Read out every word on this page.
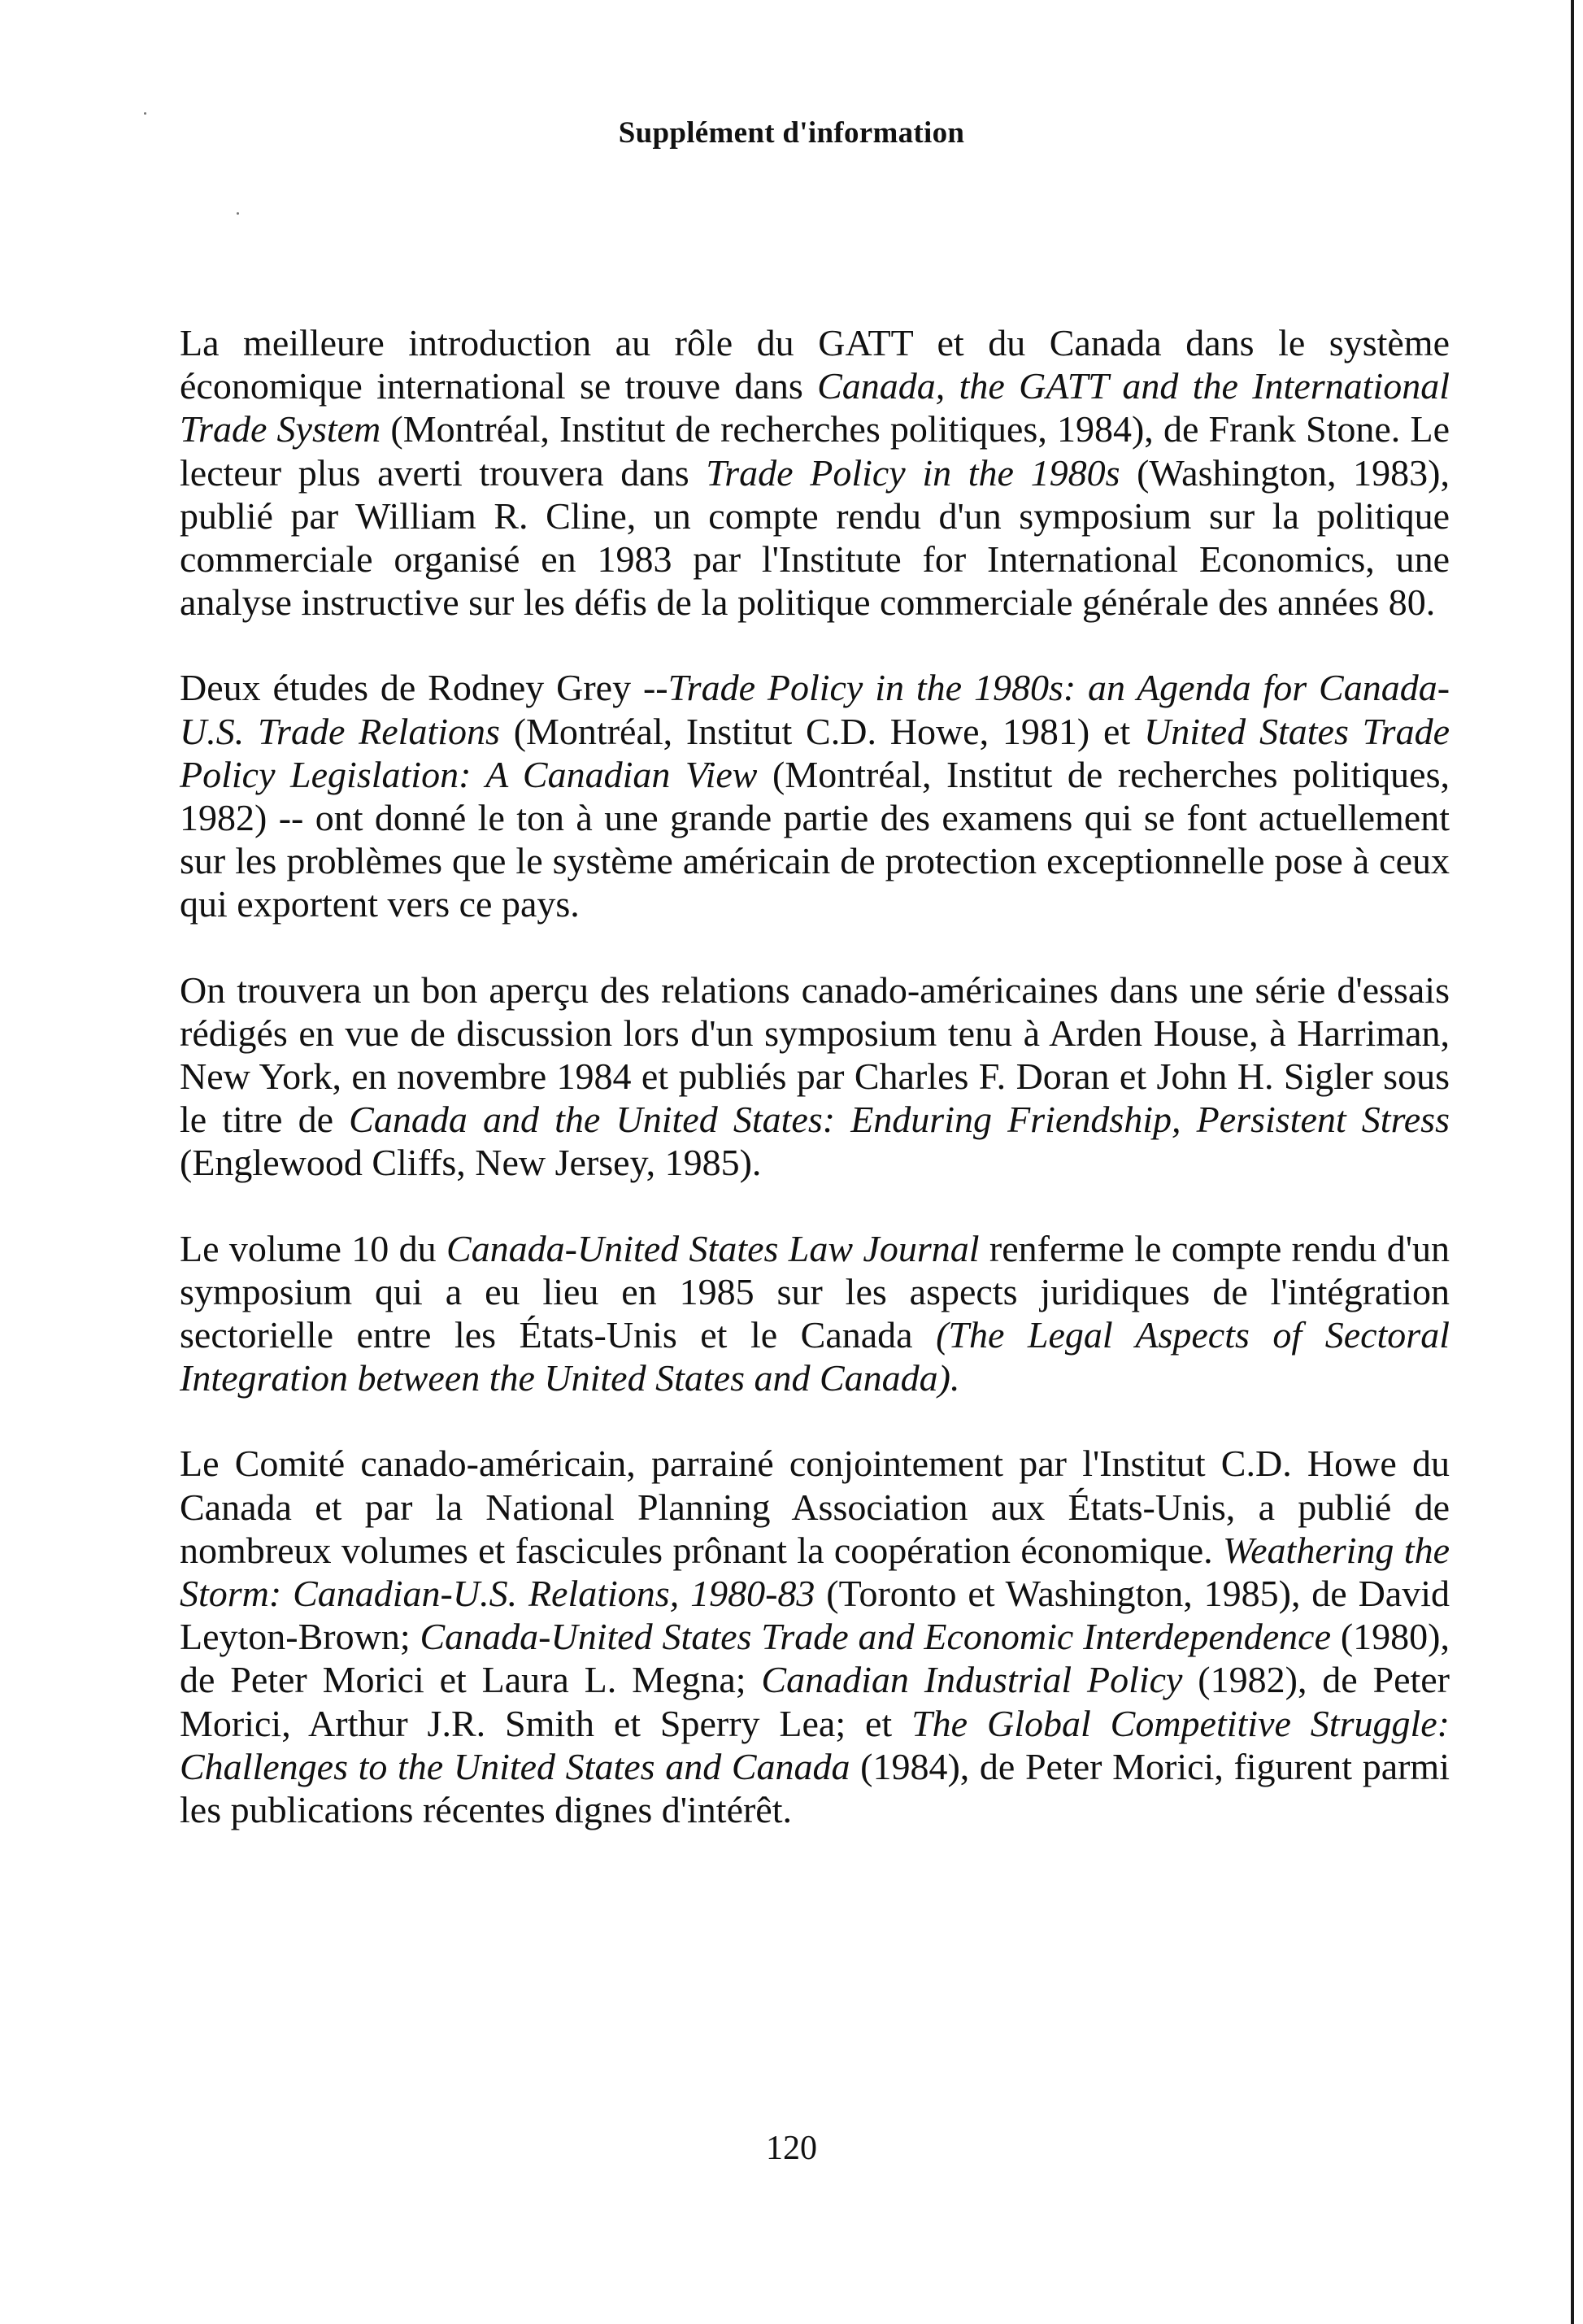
Supplément d'information

La meilleure introduction au rôle du GATT et du Canada dans le système économique international se trouve dans Canada, the GATT and the International Trade System (Montréal, Institut de recherches politiques, 1984), de Frank Stone. Le lecteur plus averti trouvera dans Trade Policy in the 1980s (Washington, 1983), publié par William R. Cline, un compte rendu d'un symposium sur la politique commerciale organisé en 1983 par l'Institute for International Economics, une analyse instructive sur les défis de la politique commerciale générale des années 80.

Deux études de Rodney Grey --Trade Policy in the 1980s: an Agenda for Canada-U.S. Trade Relations (Montréal, Institut C.D. Howe, 1981) et United States Trade Policy Legislation: A Canadian View (Montréal, Institut de recherches politiques, 1982) -- ont donné le ton à une grande partie des examens qui se font actuellement sur les problèmes que le système américain de protection exceptionnelle pose à ceux qui exportent vers ce pays.

On trouvera un bon aperçu des relations canado-américaines dans une série d'essais rédigés en vue de discussion lors d'un symposium tenu à Arden House, à Harriman, New York, en novembre 1984 et publiés par Charles F. Doran et John H. Sigler sous le titre de Canada and the United States: Enduring Friendship, Persistent Stress (Englewood Cliffs, New Jersey, 1985).

Le volume 10 du Canada-United States Law Journal renferme le compte rendu d'un symposium qui a eu lieu en 1985 sur les aspects juridiques de l'intégration sectorielle entre les États-Unis et le Canada (The Legal Aspects of Sectoral Integration between the United States and Canada).

Le Comité canado-américain, parrainé conjointement par l'Institut C.D. Howe du Canada et par la National Planning Association aux États-Unis, a publié de nombreux volumes et fascicules prônant la coopération économique. Weathering the Storm: Canadian-U.S. Relations, 1980-83 (Toronto et Washington, 1985), de David Leyton-Brown; Canada-United States Trade and Economic Interdependence (1980), de Peter Morici et Laura L. Megna; Canadian Industrial Policy (1982), de Peter Morici, Arthur J.R. Smith et Sperry Lea; et The Global Competitive Struggle: Challenges to the United States and Canada (1984), de Peter Morici, figurent parmi les publications récentes dignes d'intérêt.

120
